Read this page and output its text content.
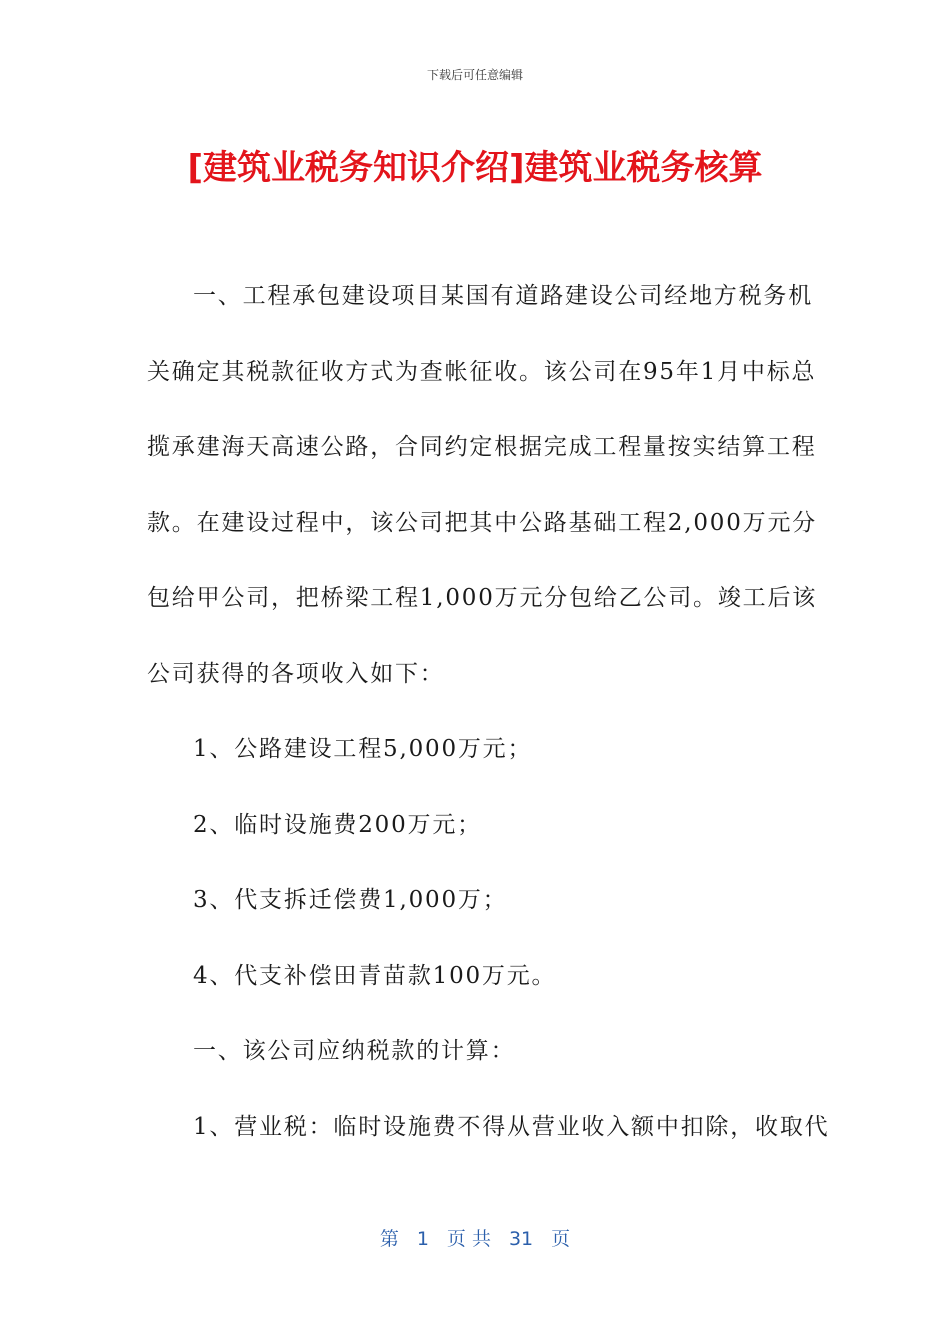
下载后可任意编辑
[建筑业税务知识介绍]建筑业税务核算
一、工程承包建设项目某国有道路建设公司经地方税务机
关确定其税款征收方式为查帐征收。该公司在95年1月中标总
揽承建海天高速公路，合同约定根据完成工程量按实结算工程
款。在建设过程中，该公司把其中公路基础工程2,000万元分
包给甲公司，把桥梁工程1,000万元分包给乙公司。竣工后该
公司获得的各项收入如下：
1、公路建设工程5,000万元；
2、临时设施费200万元；
3、代支拆迁偿费1,000万；
4、代支补偿田青苗款100万元。
一、该公司应纳税款的计算：
1、营业税：临时设施费不得从营业收入额中扣除，收取代
第 1 页 共 31 页
